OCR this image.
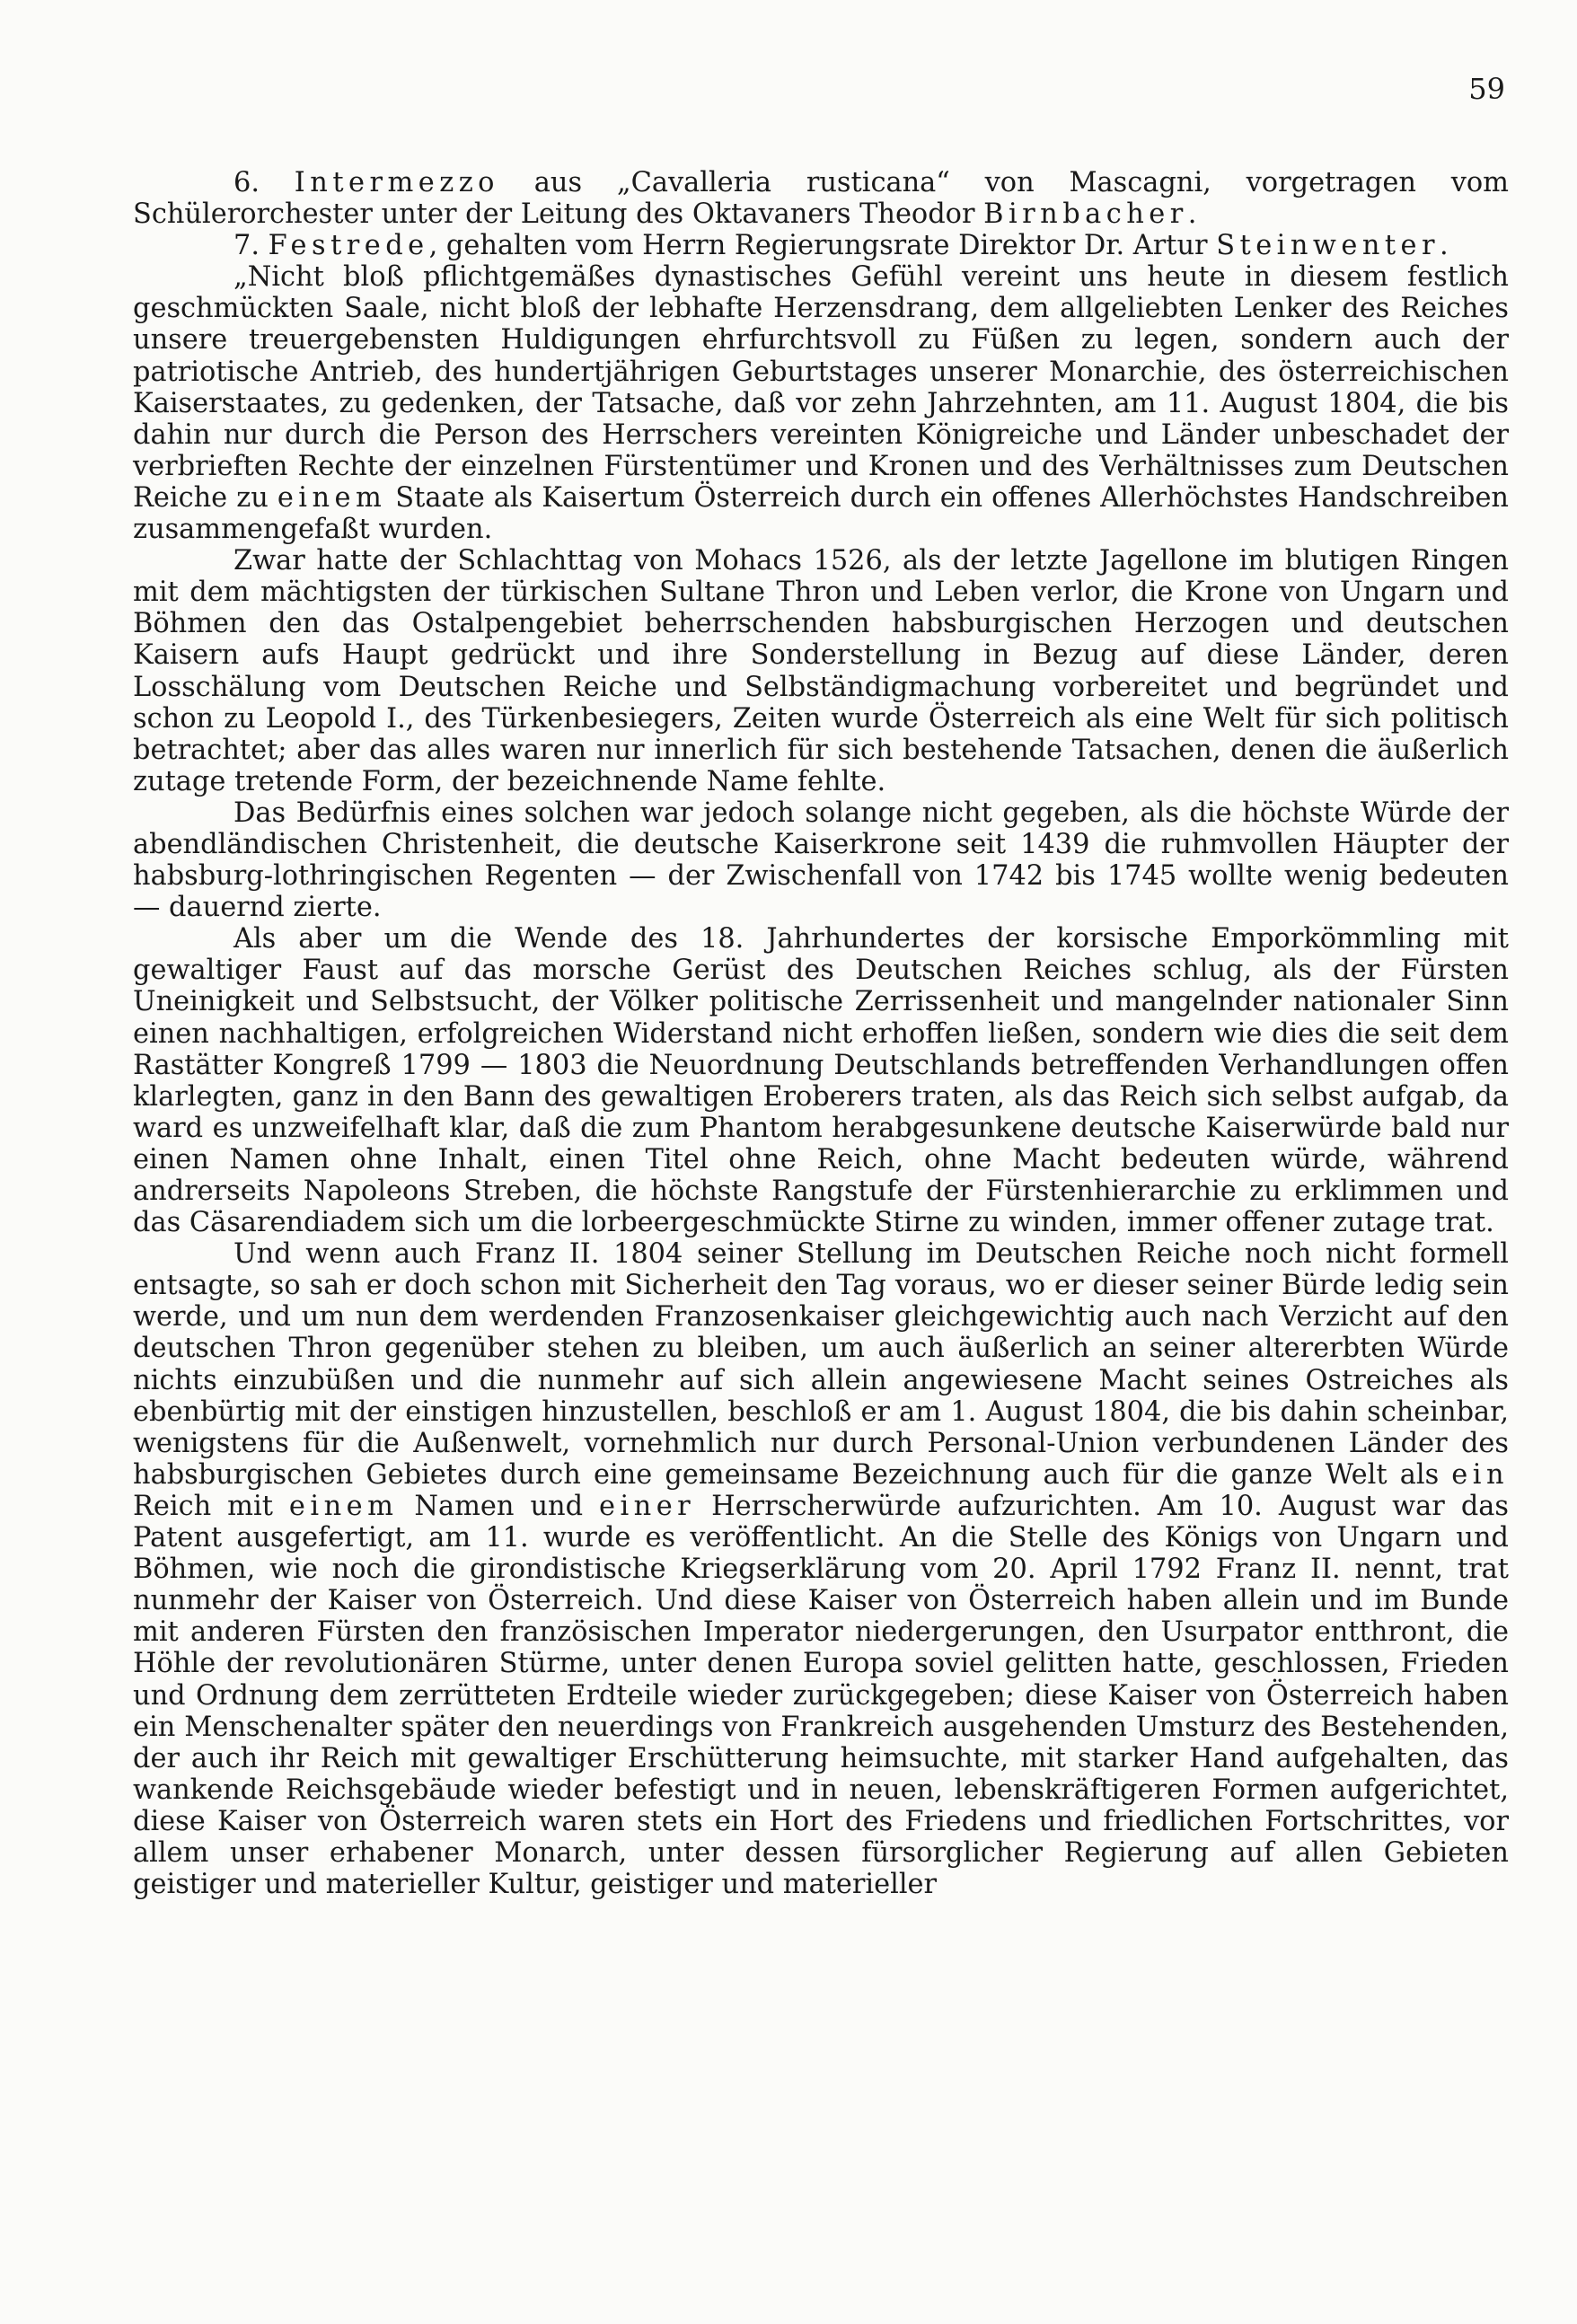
59

6. Intermezzo aus „Cavalleria rusticana“ von Mascagni, vorgetragen vom Schülerorchester unter der Leitung des Oktavaners Theodor Birnbacher.

7. Festrede, gehalten vom Herrn Regierungsrate Direktor Dr. Artur Steinwenter.

„Nicht bloß pflichtgemäßes dynastisches Gefühl vereint uns heute in diesem festlich geschmückten Saale, nicht bloß der lebhafte Herzensdrang, dem allgeliebten Lenker des Reiches unsere treuergebensten Huldigungen ehrfurchtsvoll zu Füßen zu legen, sondern auch der patriotische Antrieb, des hundertjährigen Geburtstages unserer Monarchie, des österreichischen Kaiserstaates, zu gedenken, der Tatsache, daß vor zehn Jahrzehnten, am 11. August 1804, die bis dahin nur durch die Person des Herrschers vereinten Königreiche und Länder unbeschadet der verbrieften Rechte der einzelnen Fürstentümer und Kronen und des Verhältnisses zum Deutschen Reiche zu einem Staate als Kaisertum Österreich durch ein offenes Allerhöchstes Handschreiben zusammengefaßt wurden.

Zwar hatte der Schlachttag von Mohacs 1526, als der letzte Jagellone im blutigen Ringen mit dem mächtigsten der türkischen Sultane Thron und Leben verlor, die Krone von Ungarn und Böhmen den das Ostalpengebiet beherrschenden habsburgischen Herzogen und deutschen Kaisern aufs Haupt gedrückt und ihre Sonderstellung in Bezug auf diese Länder, deren Losschälung vom Deutschen Reiche und Selbständigmachung vorbereitet und begründet und schon zu Leopold I., des Türkenbesiegers, Zeiten wurde Österreich als eine Welt für sich politisch betrachtet; aber das alles waren nur innerlich für sich bestehende Tatsachen, denen die äußerlich zutage tretende Form, der bezeichnende Name fehlte.

Das Bedürfnis eines solchen war jedoch solange nicht gegeben, als die höchste Würde der abendländischen Christenheit, die deutsche Kaiserkrone seit 1439 die ruhmvollen Häupter der habsburg-lothringischen Regenten — der Zwischenfall von 1742 bis 1745 wollte wenig bedeuten — dauernd zierte.

Als aber um die Wende des 18. Jahrhundertes der korsische Emporkömmling mit gewaltiger Faust auf das morsche Gerüst des Deutschen Reiches schlug, als der Fürsten Uneinigkeit und Selbstsucht, der Völker politische Zerrissenheit und mangelnder nationaler Sinn einen nachhaltigen, erfolgreichen Widerstand nicht erhoffen ließen, sondern wie dies die seit dem Rastätter Kongreß 1799 — 1803 die Neuordnung Deutschlands betreffenden Verhandlungen offen klarlegten, ganz in den Bann des gewaltigen Eroberers traten, als das Reich sich selbst aufgab, da ward es unzweifelhaft klar, daß die zum Phantom herabgesunkene deutsche Kaiserwürde bald nur einen Namen ohne Inhalt, einen Titel ohne Reich, ohne Macht bedeuten würde, während andrerseits Napoleons Streben, die höchste Rangstufe der Fürstenhierarchie zu erklimmen und das Cäsarendiadem sich um die lorbeergeschmückte Stirne zu winden, immer offener zutage trat.

Und wenn auch Franz II. 1804 seiner Stellung im Deutschen Reiche noch nicht formell entsagte, so sah er doch schon mit Sicherheit den Tag voraus, wo er dieser seiner Bürde ledig sein werde, und um nun dem werdenden Franzosenkaiser gleichgewichtig auch nach Verzicht auf den deutschen Thron gegenüber stehen zu bleiben, um auch äußerlich an seiner altererbten Würde nichts einzubüßen und die nunmehr auf sich allein angewiesene Macht seines Ostreiches als ebenbürtig mit der einstigen hinzustellen, beschloß er am 1. August 1804, die bis dahin scheinbar, wenigstens für die Außenwelt, vornehmlich nur durch Personal-Union verbundenen Länder des habsburgischen Gebietes durch eine gemeinsame Bezeichnung auch für die ganze Welt als ein Reich mit einem Namen und einer Herrscherwürde aufzurichten. Am 10. August war das Patent ausgefertigt, am 11. wurde es veröffentlicht. An die Stelle des Königs von Ungarn und Böhmen, wie noch die girondistische Kriegserklärung vom 20. April 1792 Franz II. nennt, trat nunmehr der Kaiser von Österreich. Und diese Kaiser von Österreich haben allein und im Bunde mit anderen Fürsten den französischen Imperator niedergerungen, den Usurpator entthront, die Höhle der revolutionären Stürme, unter denen Europa soviel gelitten hatte, geschlossen, Frieden und Ordnung dem zerrütteten Erdteile wieder zurückgegeben; diese Kaiser von Österreich haben ein Menschenalter später den neuerdings von Frankreich ausgehenden Umsturz des Bestehenden, der auch ihr Reich mit gewaltiger Erschütterung heimsuchte, mit starker Hand aufgehalten, das wankende Reichsgebäude wieder befestigt und in neuen, lebenskräftigeren Formen aufgerichtet, diese Kaiser von Österreich waren stets ein Hort des Friedens und friedlichen Fortschrittes, vor allem unser erhabener Monarch, unter dessen fürsorglicher Regierung auf allen Gebieten geistiger und materieller Kultur, geistiger und materieller
